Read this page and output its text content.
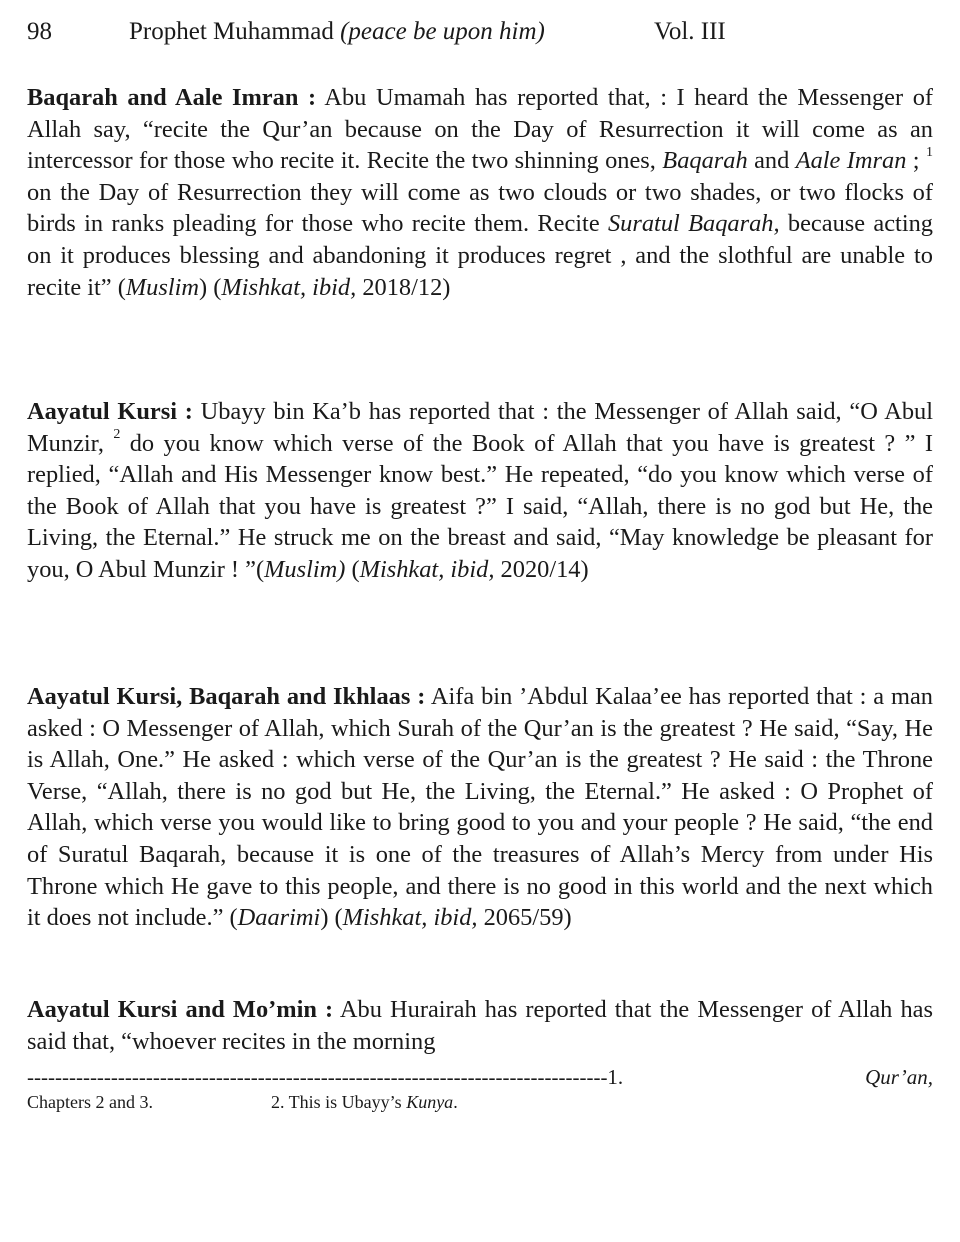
98	Prophet Muhammad (peace be upon him)	Vol. III
Baqarah and Aale Imran : Abu Umamah has reported that, : I heard the Messenger of Allah say, “recite the Qur’an because on the Day of Resurrection it will come as an intercessor for those who recite it. Recite the two shinning ones, Baqarah and Aale Imran ; $^1$ on the Day of Resurrection they will come as two clouds or two shades, or two flocks of birds in ranks pleading for those who recite them. Recite Suratul Baqarah, because acting on it produces blessing and abandoning it produces regret , and the slothful are unable to recite it” (Muslim) (Mishkat, ibid, 2018/12)
Aayatul Kursi : Ubayy bin Ka’b has reported that : the Messenger of Allah said, “O Abul Munzir, $^2$ do you know which verse of the Book of Allah that you have is greatest ? ” I replied, “Allah and His Messenger know best.” He repeated, “do you know which verse of the Book of Allah that you have is greatest ?” I said, “Allah, there is no god but He, the Living, the Eternal.” He struck me on the breast and said, “May knowledge be pleasant for you, O Abul Munzir ! ”(Muslim) (Mishkat, ibid, 2020/14)
Aayatul Kursi, Baqarah and Ikhlaas : Aifa bin ’Abdul Kalaa’ee has reported that : a man asked : O Messenger of Allah, which Surah of the Qur’an is the greatest ? He said, “Say, He is Allah, One.” He asked : which verse of the Qur’an is the greatest ? He said : the Throne Verse, “Allah, there is no god but He, the Living, the Eternal.” He asked : O Prophet of Allah, which verse you would like to bring good to you and your people ? He said, “the end of Suratul Baqarah, because it is one of the treasures of Allah’s Mercy from under His Throne which He gave to this people, and there is no good in this world and the next which it does not include.” (Daarimi) (Mishkat, ibid, 2065/59)
Aayatul Kursi and Mo’min : Abu Hurairah has reported that the Messenger of Allah has said that, “whoever recites in the morning
-----------------------------------------------------------------------------------1.	Qur’an,
Chapters 2 and 3.	2. This is Ubayy’s Kunya.
